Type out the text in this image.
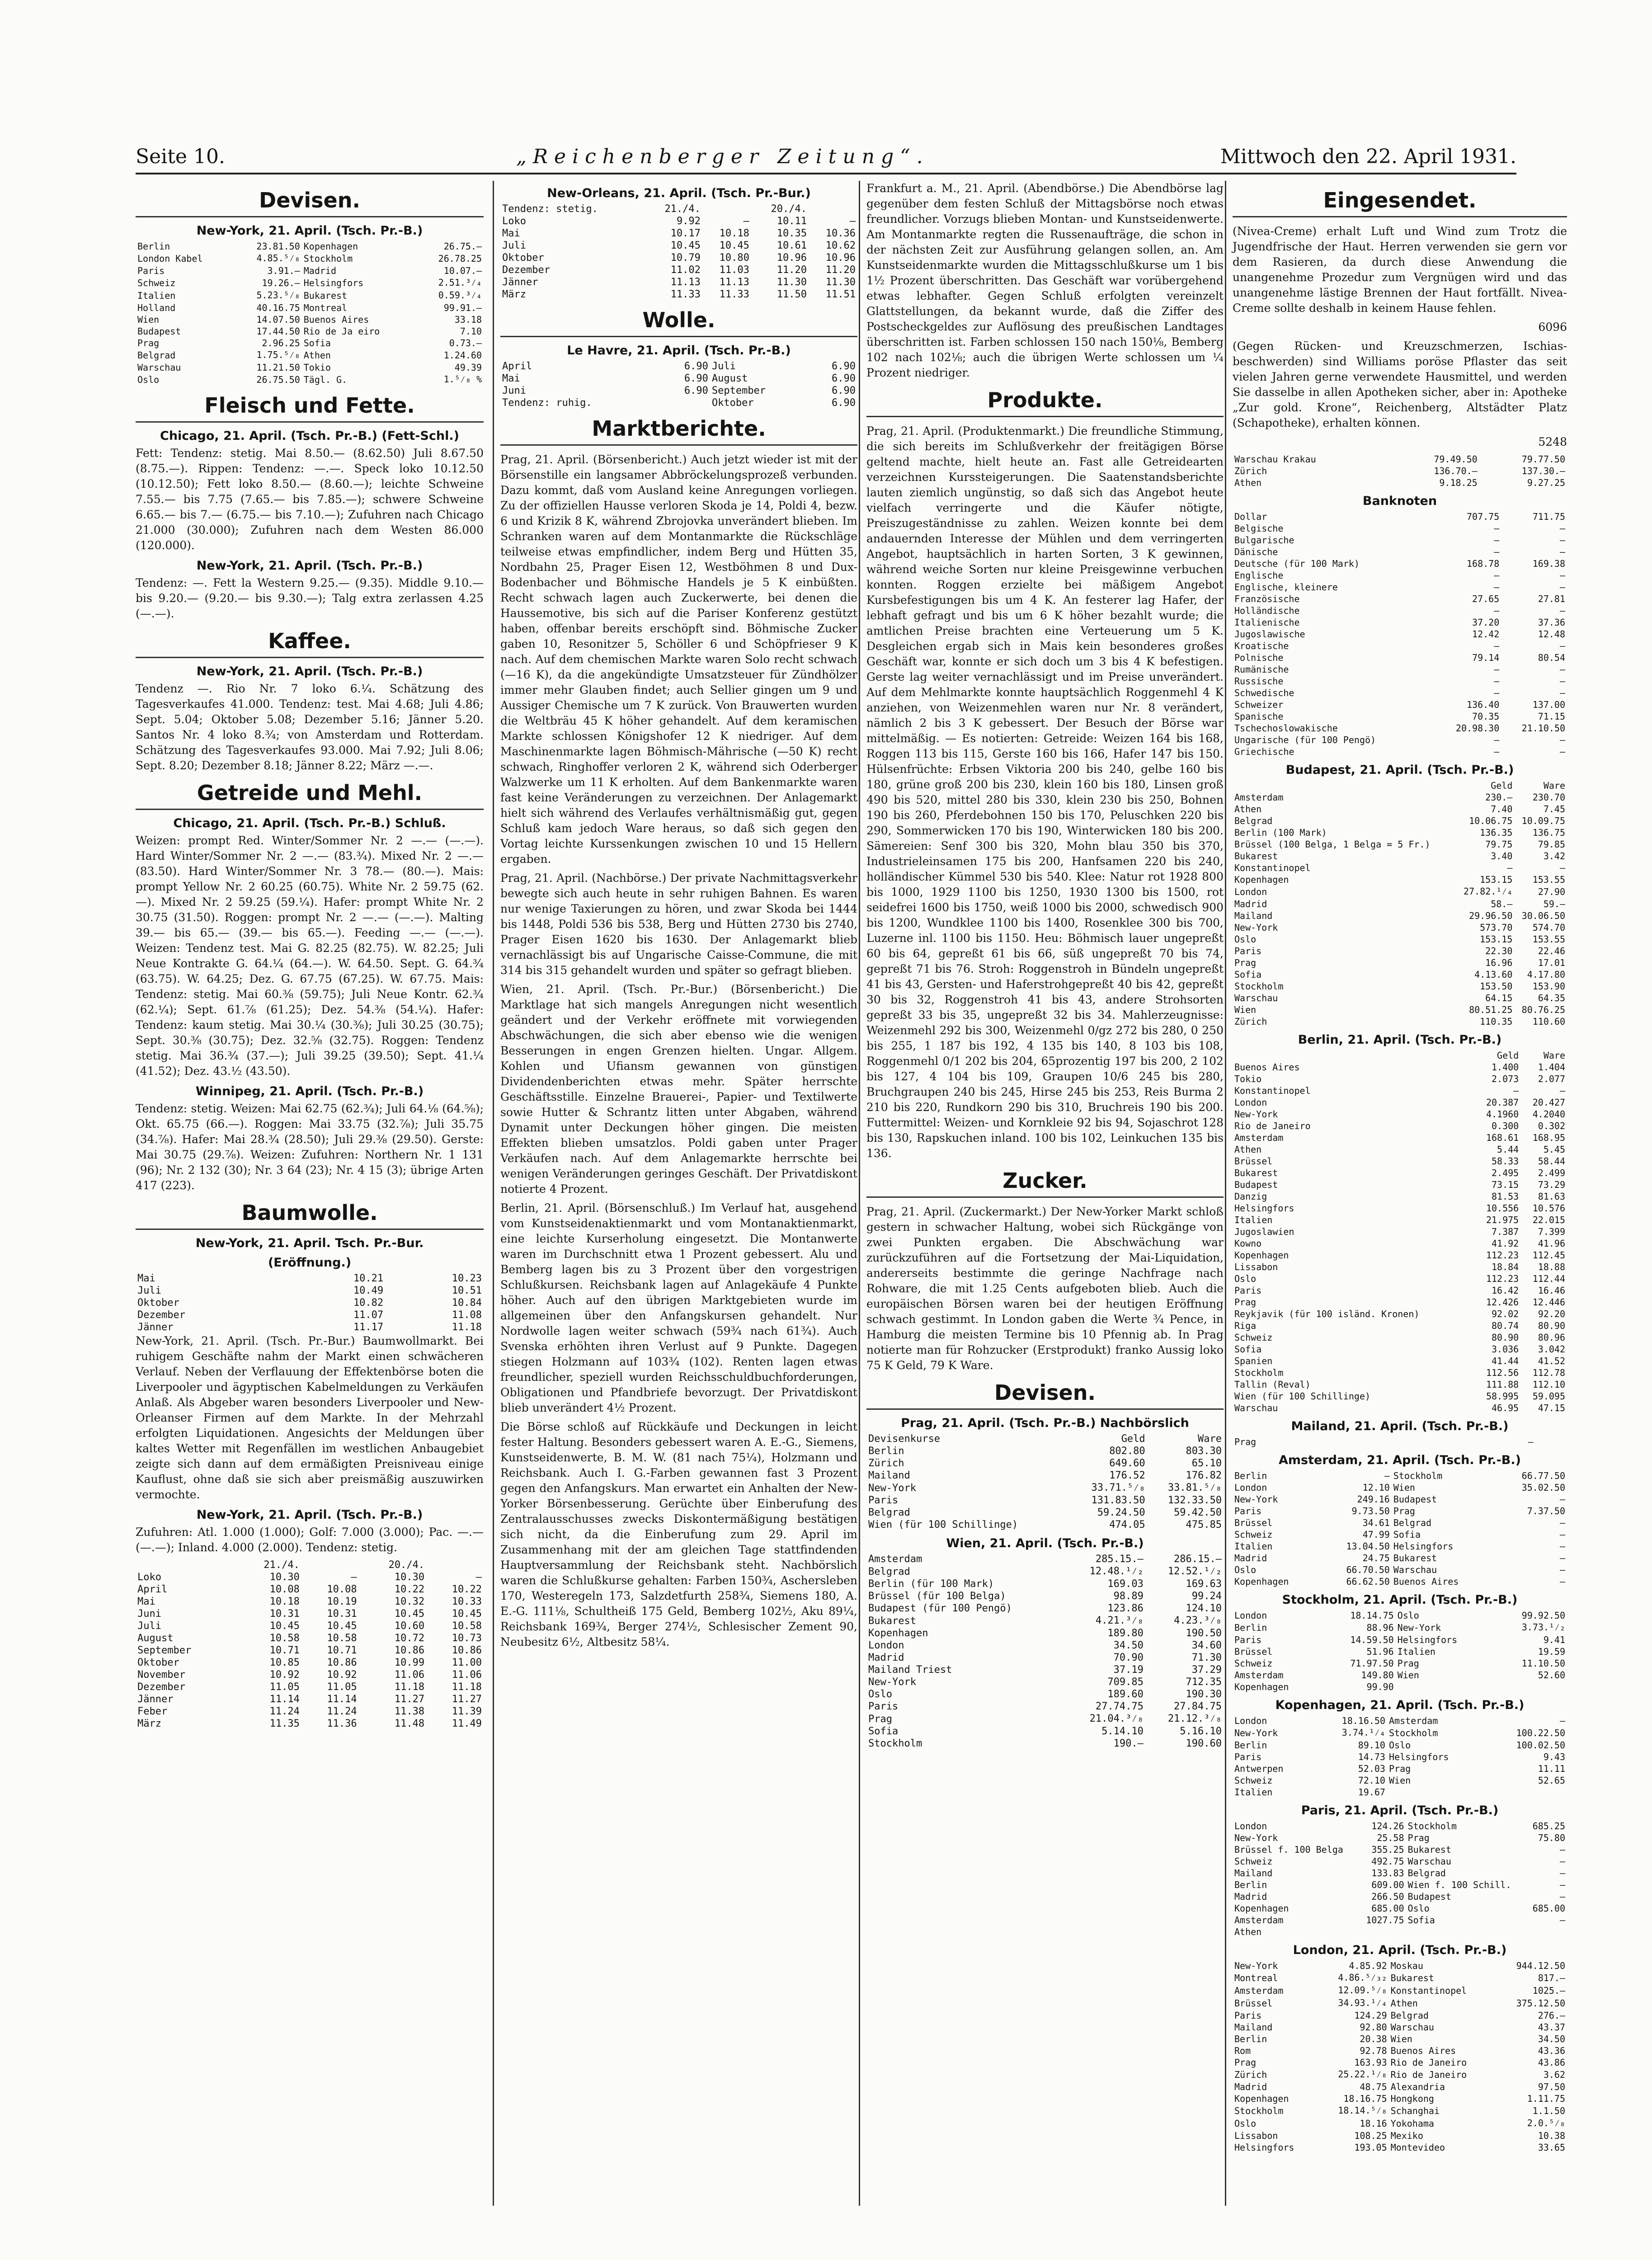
Seite 10.	„Reichenberger Zeitung“.	Mittwoch den 22. April 1931.
Devisen.
New-York, 21. April. (Tsch. Pr.-B.)
Berlin	23.81.50	Kopenhagen	26.75.—
London Kabel	4.85.⁵⁄₈	Stockholm	26.78.25
Paris	3.91.—	Madrid	10.07.—
Schweiz	19.26.—	Helsingfors	2.51.³⁄₄
Italien	5.23.⁵⁄₈	Bukarest	0.59.³⁄₄
Holland	40.16.75	Montreal	99.91.—
Wien	14.07.50	Buenos Aires	33.18
Budapest	17.44.50	Rio de Ja eiro	7.10
Prag	2.96.25	Sofia	0.73.—
Belgrad	1.75.⁵⁄₈	Athen	1.24.60
Warschau	11.21.50	Tokio	49.39
Oslo	26.75.50	Tägl. G.	1.⁵⁄₈ %
Fleisch und Fette.
Chicago, 21. April. (Tsch. Pr.-B.) (Fett-Schl.)

Fett: Tendenz: stetig. Mai 8.50.— (8.62.50) Juli 8.67.50 (8.75.—). Rippen: Tendenz: —.—. Speck loko 10.12.50 (10.12.50); Fett loko 8.50.— (8.60.—); leichte Schweine 7.55.— bis 7.75 (7.65.— bis 7.85.—); schwere Schweine 6.65.— bis 7.— (6.75.— bis 7.10.—); Zufuhren nach Chicago 21.000 (30.000); Zufuhren nach dem Westen 86.000 (120.000).

New-York, 21. April. (Tsch. Pr.-B.)

Tendenz: —. Fett la Western 9.25.— (9.35). Middle 9.10.— bis 9.20.— (9.20.— bis 9.30.—); Talg extra zerlassen 4.25 (—.—).

Kaffee.
New-York, 21. April. (Tsch. Pr.-B.)

Tendenz —. Rio Nr. 7 loko 6.¹⁄₄. Schätzung des Tagesverkaufes 41.000. Tendenz: test. Mai 4.68; Juli 4.86; Sept. 5.04; Oktober 5.08; Dezember 5.16; Jänner 5.20. Santos Nr. 4 loko 8.³⁄₄; von Amsterdam und Rotterdam. Schätzung des Tagesverkaufes 93.000. Mai 7.92; Juli 8.06; Sept. 8.20; Dezember 8.18; Jänner 8.22; März —.—.

Getreide und Mehl.
Chicago, 21. April. (Tsch. Pr.-B.) Schluß.

Weizen: prompt Red. Winter/Sommer Nr. 2 —.— (—.—). Hard Winter/Sommer Nr. 2 —.— (83.³⁄₄). Mixed Nr. 2 —.— (83.50). Hard Winter/Sommer Nr. 3 78.— (80.—). Mais: prompt Yellow Nr. 2 60.25 (60.75). White Nr. 2 59.75 (62.—). Mixed Nr. 2 59.25 (59.¹⁄₄). Hafer: prompt White Nr. 2 30.75 (31.50). Roggen: prompt Nr. 2 —.— (—.—). Malting 39.— bis 65.— (39.— bis 65.—). Feeding —.— (—.—). Weizen: Tendenz test. Mai G. 82.25 (82.75). W. 82.25; Juli Neue Kontrakte G. 64.¹⁄₄ (64.—). W. 64.50. Sept. G. 64.³⁄₄ (63.75). W. 64.25; Dez. G. 67.75 (67.25). W. 67.75. Mais: Tendenz: stetig. Mai 60.³⁄₈ (59.75); Juli Neue Kontr. 62.³⁄₄ (62.¹⁄₄); Sept. 61.⁷⁄₈ (61.25); Dez. 54.³⁄₈ (54.¹⁄₄). Hafer: Tendenz: kaum stetig. Mai 30.¹⁄₄ (30.³⁄₈); Juli 30.25 (30.75); Sept. 30.³⁄₈ (30.75); Dez. 32.⁵⁄₈ (32.75). Roggen: Tendenz stetig. Mai 36.³⁄₄ (37.—); Juli 39.25 (39.50); Sept. 41.¹⁄₄ (41.52); Dez. 43.¹⁄₂ (43.50).

Winnipeg, 21. April. (Tsch. Pr.-B.)

Tendenz: stetig. Weizen: Mai 62.75 (62.³⁄₄); Juli 64.¹⁄₈ (64.⁵⁄₈); Okt. 65.75 (66.—). Roggen: Mai 33.75 (32.⁷⁄₈); Juli 35.75 (34.⁷⁄₈). Hafer: Mai 28.³⁄₄ (28.50); Juli 29.³⁄₈ (29.50). Gerste: Mai 30.75 (29.⁷⁄₈). Weizen: Zufuhren: Northern Nr. 1 131 (96); Nr. 2 132 (30); Nr. 3 64 (23); Nr. 4 15 (3); übrige Arten 417 (223).

Baumwolle.
New-York, 21. April. Tsch. Pr.-Bur.
(Eröffnung.)
Mai	10.21	10.23
Juli	10.49	10.51
Oktober	10.82	10.84
Dezember	11.07	11.08
Jänner	11.17	11.18

New-York, 21. April. (Tsch. Pr.-Bur.) Baumwollmarkt. Bei ruhigem Geschäfte nahm der Markt einen schwächeren Verlauf. Neben der Verflauung der Effektenbörse boten die Liverpooler und ägyptischen Kabelmeldungen zu Verkäufen Anlaß. Als Abgeber waren besonders Liverpooler und New-Orleanser Firmen auf dem Markte. In der Mehrzahl erfolgten Liquidationen. Angesichts der Meldungen über kaltes Wetter mit Regenfällen im westlichen Anbaugebiet zeigte sich dann auf dem ermäßigten Preisniveau einige Kauflust, ohne daß sie sich aber preismäßig auszuwirken vermochte.

New-York, 21. April. (Tsch. Pr.-B.)

Zufuhren: Atl. 1.000 (1.000); Golf: 7.000 (3.000); Pac. —.— (—.—); Inland. 4.000 (2.000). Tendenz: stetig.

	21./4.		20./4.	
Loko	10.30	—	10.30	—
April	10.08	10.08	10.22	10.22
Mai	10.18	10.19	10.32	10.33
Juni	10.31	10.31	10.45	10.45
Juli	10.45	10.45	10.60	10.58
August	10.58	10.58	10.72	10.73
September	10.71	10.71	10.86	10.86
Oktober	10.85	10.86	10.99	11.00
November	10.92	10.92	11.06	11.06
Dezember	11.05	11.05	11.18	11.18
Jänner	11.14	11.14	11.27	11.27
Feber	11.24	11.24	11.38	11.39
März	11.35	11.36	11.48	11.49
New-Orleans, 21. April. (Tsch. Pr.-Bur.)
Tendenz: stetig.	21./4.		20./4.	
Loko	9.92	—	10.11	—
Mai	10.17	10.18	10.35	10.36
Juli	10.45	10.45	10.61	10.62
Oktober	10.79	10.80	10.96	10.96
Dezember	11.02	11.03	11.20	11.20
Jänner	11.13	11.13	11.30	11.30
März	11.33	11.33	11.50	11.51
Wolle.
Le Havre, 21. April. (Tsch. Pr.-B.)
April	6.90	Juli	6.90
Mai	6.90	August	6.90
Juni	6.90	September	6.90
Tendenz: ruhig.		Oktober	6.90
Marktberichte.

Prag, 21. April. (Börsenbericht.) Auch jetzt wieder ist mit der Börsenstille ein langsamer Abbröckelungsprozeß verbunden. Dazu kommt, daß vom Ausland keine Anregungen vorliegen. Zu der offiziellen Hausse verloren Skoda je 14, Poldi 4, bezw. 6 und Krizik 8 K, während Zbrojovka unverändert blieben. Im Schranken waren auf dem Montanmarkte die Rückschläge teilweise etwas empfindlicher, indem Berg und Hütten 35, Nordbahn 25, Prager Eisen 12, Westböhmen 8 und Dux-Bodenbacher und Böhmische Handels je 5 K einbüßten. Recht schwach lagen auch Zuckerwerte, bei denen die Haussemotive, bis sich auf die Pariser Konferenz gestützt haben, offenbar bereits erschöpft sind. Böhmische Zucker gaben 10, Resonitzer 5, Schöller 6 und Schöpfrieser 9 K nach. Auf dem chemischen Markte waren Solo recht schwach (—16 K), da die angekündigte Umsatzsteuer für Zündhölzer immer mehr Glauben findet; auch Sellier gingen um 9 und Aussiger Chemische um 7 K zurück. Von Brauwerten wurden die Weltbräu 45 K höher gehandelt. Auf dem keramischen Markte schlossen Königshofer 12 K niedriger. Auf dem Maschinenmarkte lagen Böhmisch-Mährische (—50 K) recht schwach, Ringhoffer verloren 2 K, während sich Oderberger Walzwerke um 11 K erholten. Auf dem Bankenmarkte waren fast keine Veränderungen zu verzeichnen. Der Anlagemarkt hielt sich während des Verlaufes verhältnismäßig gut, gegen Schluß kam jedoch Ware heraus, so daß sich gegen den Vortag leichte Kurssenkungen zwischen 10 und 15 Hellern ergaben.

Prag, 21. April. (Nachbörse.) Der private Nachmittagsverkehr bewegte sich auch heute in sehr ruhigen Bahnen. Es waren nur wenige Taxierungen zu hören, und zwar Skoda bei 1444 bis 1448, Poldi 536 bis 538, Berg und Hütten 2730 bis 2740, Prager Eisen 1620 bis 1630. Der Anlagemarkt blieb vernachlässigt bis auf Ungarische Caisse-Commune, die mit 314 bis 315 gehandelt wurden und später so gefragt blieben.

Wien, 21. April. (Tsch. Pr.-Bur.) (Börsenbericht.) Die Marktlage hat sich mangels Anregungen nicht wesentlich geändert und der Verkehr eröffnete mit vorwiegenden Abschwächungen, die sich aber ebenso wie die wenigen Besserungen in engen Grenzen hielten. Ungar. Allgem. Kohlen und Ufiansm gewannen von günstigen Dividendenberichten etwas mehr. Später herrschte Geschäftsstille. Einzelne Brauerei-, Papier- und Textilwerte sowie Hutter & Schrantz litten unter Abgaben, während Dynamit unter Deckungen höher gingen. Die meisten Effekten blieben umsatzlos. Poldi gaben unter Prager Verkäufen nach. Auf dem Anlagemarkte herrschte bei wenigen Veränderungen geringes Geschäft. Der Privatdiskont notierte 4 Prozent.

Berlin, 21. April. (Börsenschluß.) Im Verlauf hat, ausgehend vom Kunstseidenaktienmarkt und vom Montanaktienmarkt, eine leichte Kurserholung eingesetzt. Die Montanwerte waren im Durchschnitt etwa 1 Prozent gebessert. Alu und Bemberg lagen bis zu 3 Prozent über den vorgestrigen Schlußkursen. Reichsbank lagen auf Anlagekäufe 4 Punkte höher. Auch auf den übrigen Marktgebieten wurde im allgemeinen über den Anfangskursen gehandelt. Nur Nordwolle lagen weiter schwach (59¾ nach 61¾). Auch Svenska erhöhten ihren Verlust auf 9 Punkte. Dagegen stiegen Holzmann auf 103¾ (102). Renten lagen etwas freundlicher, speziell wurden Reichsschuldbuchforderungen, Obligationen und Pfandbriefe bevorzugt. Der Privatdiskont blieb unverändert 4½ Prozent.

Die Börse schloß auf Rückkäufe und Deckungen in leicht fester Haltung. Besonders gebessert waren A. E.-G., Siemens, Kunstseidenwerte, B. M. W. (81 nach 75¼), Holzmann und Reichsbank. Auch I. G.-Farben gewannen fast 3 Prozent gegen den Anfangskurs. Man erwartet ein Anhalten der New-Yorker Börsenbesserung. Gerüchte über Einberufung des Zentralausschusses zwecks Diskontermäßigung bestätigen sich nicht, da die Einberufung zum 29. April im Zusammenhang mit der am gleichen Tage stattfindenden Hauptversammlung der Reichsbank steht. Nachbörslich waren die Schlußkurse gehalten: Farben 150¾, Aschersleben 170, Westeregeln 173, Salzdetfurth 258¾, Siemens 180, A. E.-G. 111⅛, Schultheiß 175 Geld, Bemberg 102½, Aku 89¼, Reichsbank 169¾, Berger 274½, Schlesischer Zement 90, Neubesitz 6½, Altbesitz 58¼.

Frankfurt a. M., 21. April. (Abendbörse.) Die Abendbörse lag gegenüber dem festen Schluß der Mittagsbörse noch etwas freundlicher. Vorzugs blieben Montan- und Kunstseidenwerte. Am Montanmarkte regten die Russenaufträge, die schon in der nächsten Zeit zur Ausführung gelangen sollen, an. Am Kunstseidenmarkte wurden die Mittagsschlußkurse um 1 bis 1½ Prozent überschritten. Das Geschäft war vorübergehend etwas lebhafter. Gegen Schluß erfolgten vereinzelt Glattstellungen, da bekannt wurde, daß die Ziffer des Postscheckgeldes zur Auflösung des preußischen Landtages überschritten ist. Farben schlossen 150 nach 150⅛, Bemberg 102 nach 102⅛; auch die übrigen Werte schlossen um ¼ Prozent niedriger.

Produkte.

Prag, 21. April. (Produktenmarkt.) Die freundliche Stimmung, die sich bereits im Schlußverkehr der freitägigen Börse geltend machte, hielt heute an. Fast alle Getreidearten verzeichnen Kurssteigerungen. Die Saatenstandsberichte lauten ziemlich ungünstig, so daß sich das Angebot heute vielfach verringerte und die Käufer nötigte, Preiszugeständnisse zu zahlen. Weizen konnte bei dem andauernden Interesse der Mühlen und dem verringerten Angebot, hauptsächlich in harten Sorten, 3 K gewinnen, während weiche Sorten nur kleine Preisgewinne verbuchen konnten. Roggen erzielte bei mäßigem Angebot Kursbefestigungen bis um 4 K. An festerer lag Hafer, der lebhaft gefragt und bis um 6 K höher bezahlt wurde; die amtlichen Preise brachten eine Verteuerung um 5 K. Desgleichen ergab sich in Mais kein besonderes großes Geschäft war, konnte er sich doch um 3 bis 4 K befestigen. Gerste lag weiter vernachlässigt und im Preise unverändert. Auf dem Mehlmarkte konnte hauptsächlich Roggenmehl 4 K anziehen, von Weizenmehlen waren nur Nr. 8 verändert, nämlich 2 bis 3 K gebessert. Der Besuch der Börse war mittelmäßig. — Es notierten: Getreide: Weizen 164 bis 168, Roggen 113 bis 115, Gerste 160 bis 166, Hafer 147 bis 150. Hülsenfrüchte: Erbsen Viktoria 200 bis 240, gelbe 160 bis 180, grüne groß 200 bis 230, klein 160 bis 180, Linsen groß 490 bis 520, mittel 280 bis 330, klein 230 bis 250, Bohnen 190 bis 260, Pferdebohnen 150 bis 170, Peluschken 220 bis 290, Sommerwicken 170 bis 190, Winterwicken 180 bis 200. Sämereien: Senf 300 bis 320, Mohn blau 350 bis 370, Industrieleinsamen 175 bis 200, Hanfsamen 220 bis 240, holländischer Kümmel 530 bis 540. Klee: Natur rot 1928 800 bis 1000, 1929 1100 bis 1250, 1930 1300 bis 1500, rot seidefrei 1600 bis 1750, weiß 1000 bis 2000, schwedisch 900 bis 1200, Wundklee 1100 bis 1400, Rosenklee 300 bis 700, Luzerne inl. 1100 bis 1150. Heu: Böhmisch lauer ungepreßt 60 bis 64, gepreßt 61 bis 66, süß ungepreßt 70 bis 74, gepreßt 71 bis 76. Stroh: Roggenstroh in Bündeln ungepreßt 41 bis 43, Gersten- und Haferstrohgepreßt 40 bis 42, gepreßt 30 bis 32, Roggenstroh 41 bis 43, andere Strohsorten gepreßt 33 bis 35, ungepreßt 32 bis 34. Mahlerzeugnisse: Weizenmehl 292 bis 300, Weizenmehl 0/gz 272 bis 280, 0 250 bis 255, 1 187 bis 192, 4 135 bis 140, 8 103 bis 108, Roggenmehl 0/1 202 bis 204, 65prozentig 197 bis 200, 2 102 bis 127, 4 104 bis 109, Graupen 10/6 245 bis 280, Bruchgraupen 240 bis 245, Hirse 245 bis 253, Reis Burma 2 210 bis 220, Rundkorn 290 bis 310, Bruchreis 190 bis 200. Futtermittel: Weizen- und Kornkleie 92 bis 94, Sojaschrot 128 bis 130, Rapskuchen inland. 100 bis 102, Leinkuchen 135 bis 136.

Zucker.

Prag, 21. April. (Zuckermarkt.) Der New-Yorker Markt schloß gestern in schwacher Haltung, wobei sich Rückgänge von zwei Punkten ergaben. Die Abschwächung war zurückzuführen auf die Fortsetzung der Mai-Liquidation, andererseits bestimmte die geringe Nachfrage nach Rohware, die mit 1.25 Cents aufgeboten blieb. Auch die europäischen Börsen waren bei der heutigen Eröffnung schwach gestimmt. In London gaben die Werte ¾ Pence, in Hamburg die meisten Termine bis 10 Pfennig ab. In Prag notierte man für Rohzucker (Erstprodukt) franko Aussig loko 75 K Geld, 79 K Ware.

Devisen.
Prag, 21. April. (Tsch. Pr.-B.) Nachbörslich
Devisenkurse	Geld	Ware
Berlin	802.80	803.30
Zürich	649.60	65.10
Mailand	176.52	176.82
New-York	33.71.⁵⁄₈	33.81.⁵⁄₈
Paris	131.83.50	132.33.50
Belgrad	59.24.50	59.42.50
Wien (für 100 Schillinge)	474.05	475.85
Wien, 21. April. (Tsch. Pr.-B.)
Amsterdam	285.15.—	286.15.—
Belgrad	12.48.¹⁄₂	12.52.¹⁄₂
Berlin (für 100 Mark)	169.03	169.63
Brüssel (für 100 Belga)	98.89	99.24
Budapest (für 100 Pengö)	123.86	124.10
Bukarest	4.21.³⁄₈	4.23.³⁄₈
Kopenhagen	189.80	190.50
London	34.50	34.60
Madrid	70.90	71.30
Mailand Triest	37.19	37.29
New-York	709.85	712.35
Oslo	189.60	190.30
Paris	27.74.75	27.84.75
Prag	21.04.³⁄₈	21.12.³⁄₈
Sofia	5.14.10	5.16.10
Stockholm	190.—	190.60
Eingesendet.

(Nivea-Creme) erhalt Luft und Wind zum Trotz die Jugendfrische der Haut. Herren verwenden sie gern vor dem Rasieren, da durch diese Anwendung die unangenehme Prozedur zum Vergnügen wird und das unangenehme lästige Brennen der Haut fortfällt. Nivea-Creme sollte deshalb in keinem Hause fehlen.

6096

(Gegen Rücken- und Kreuzschmerzen, Ischias-beschwerden) sind Williams poröse Pflaster das seit vielen Jahren gerne verwendete Hausmittel, und werden Sie dasselbe in allen Apotheken sicher, aber in: Apotheke „Zur gold. Krone“, Reichenberg, Altstädter Platz (Schapotheke), erhalten können.

5248

Warschau Krakau	79.49.50	79.77.50
Zürich	136.70.—	137.30.—
Athen	9.18.25	9.27.25
Banknoten
Dollar	707.75	711.75
Belgische	—	—
Bulgarische	—	—
Dänische	—	—
Deutsche (für 100 Mark)	168.78	169.38
Englische	—	—
Englische, kleinere	—	—
Französische	27.65	27.81
Holländische	—	—
Italienische	37.20	37.36
Jugoslawische	12.42	12.48
Kroatische	—	—
Polnische	79.14	80.54
Rumänische	—	—
Russische	—	—
Schwedische	—	—
Schweizer	136.40	137.00
Spanische	70.35	71.15
Tschechoslowakische	20.98.30	21.10.50
Ungarische (für 100 Pengö)	—	—
Griechische	—	—
Budapest, 21. April. (Tsch. Pr.-B.)
	Geld	Ware
Amsterdam	230.—	230.70
Athen	7.40	7.45
Belgrad	10.06.75	10.09.75
Berlin (100 Mark)	136.35	136.75
Brüssel (100 Belga, 1 Belga = 5 Fr.)	79.75	79.85
Bukarest	3.40	3.42
Konstantinopel	—	—
Kopenhagen	153.15	153.55
London	27.82.¹⁄₄	27.90
Madrid	58.—	59.—
Mailand	29.96.50	30.06.50
New-York	573.70	574.70
Oslo	153.15	153.55
Paris	22.30	22.46
Prag	16.96	17.01
Sofia	4.13.60	4.17.80
Stockholm	153.50	153.90
Warschau	64.15	64.35
Wien	80.51.25	80.76.25
Zürich	110.35	110.60
Berlin, 21. April. (Tsch. Pr.-B.)
	Geld	Ware
Buenos Aires	1.400	1.404
Tokio	2.073	2.077
Konstantinopel	—	—
London	20.387	20.427
New-York	4.1960	4.2040
Rio de Janeiro	0.300	0.302
Amsterdam	168.61	168.95
Athen	5.44	5.45
Brüssel	58.33	58.44
Bukarest	2.495	2.499
Budapest	73.15	73.29
Danzig	81.53	81.63
Helsingfors	10.556	10.576
Italien	21.975	22.015
Jugoslawien	7.387	7.399
Kowno	41.92	41.96
Kopenhagen	112.23	112.45
Lissabon	18.84	18.88
Oslo	112.23	112.44
Paris	16.42	16.46
Prag	12.426	12.446
Reykjavik (für 100 isländ. Kronen)	92.02	92.20
Riga	80.74	80.90
Schweiz	80.90	80.96
Sofia	3.036	3.042
Spanien	41.44	41.52
Stockholm	112.56	112.78
Tallin (Reval)	111.88	112.10
Wien (für 100 Schillinge)	58.995	59.095
Warschau	46.95	47.15
Mailand, 21. April. (Tsch. Pr.-B.)
Prag	—	
Amsterdam, 21. April. (Tsch. Pr.-B.)
Berlin	—	Stockholm	66.77.50
London	12.10	Wien	35.02.50
New-York	249.16	Budapest	—
Paris	9.73.50	Prag	7.37.50
Brüssel	34.61	Belgrad	—
Schweiz	47.99	Sofia	—
Italien	13.04.50	Helsingfors	—
Madrid	24.75	Bukarest	—
Oslo	66.70.50	Warschau	—
Kopenhagen	66.62.50	Buenos Aires	—
Stockholm, 21. April. (Tsch. Pr.-B.)
London	18.14.75	Oslo	99.92.50
Berlin	88.96	New-York	3.73.¹⁄₂
Paris	14.59.50	Helsingfors	9.41
Brüssel	51.96	Italien	19.59
Schweiz	71.97.50	Prag	11.10.50
Amsterdam	149.80	Wien	52.60
Kopenhagen	99.90		
Kopenhagen, 21. April. (Tsch. Pr.-B.)
London	18.16.50	Amsterdam	—
New-York	3.74.¹⁄₄	Stockholm	100.22.50
Berlin	89.10	Oslo	100.02.50
Paris	14.73	Helsingfors	9.43
Antwerpen	52.03	Prag	11.11
Schweiz	72.10	Wien	52.65
Italien	19.67		
Paris, 21. April. (Tsch. Pr.-B.)
London	124.26	Stockholm	685.25
New-York	25.58	Prag	75.80
Brüssel f. 100 Belga	355.25	Bukarest	—
Schweiz	492.75	Warschau	—
Mailand	133.83	Belgrad	—
Berlin	609.00	Wien f. 100 Schill.	—
Madrid	266.50	Budapest	—
Kopenhagen	685.00	Oslo	685.00
Amsterdam	1027.75	Sofia	—
Athen			
London, 21. April. (Tsch. Pr.-B.)
New-York	4.85.92	Moskau	944.12.50
Montreal	4.86.⁵⁄₃₂	Bukarest	817.—
Amsterdam	12.09.⁵⁄₈	Konstantinopel	1025.—
Brüssel	34.93.¹⁄₄	Athen	375.12.50
Paris	124.29	Belgrad	276.—
Mailand	92.80	Warschau	43.37
Berlin	20.38	Wien	34.50
Rom	92.78	Buenos Aires	43.36
Prag	163.93	Rio de Janeiro	43.86
Zürich	25.22.¹⁄₈	Rio de Janeiro	3.62
Madrid	48.75	Alexandria	97.50
Kopenhagen	18.16.75	Hongkong	1.11.75
Stockholm	18.14.⁵⁄₈	Schanghai	1.1.50
Oslo	18.16	Yokohama	2.0.⁵⁄₈
Lissabon	108.25	Mexiko	10.38
Helsingfors	193.05	Montevideo	33.65
